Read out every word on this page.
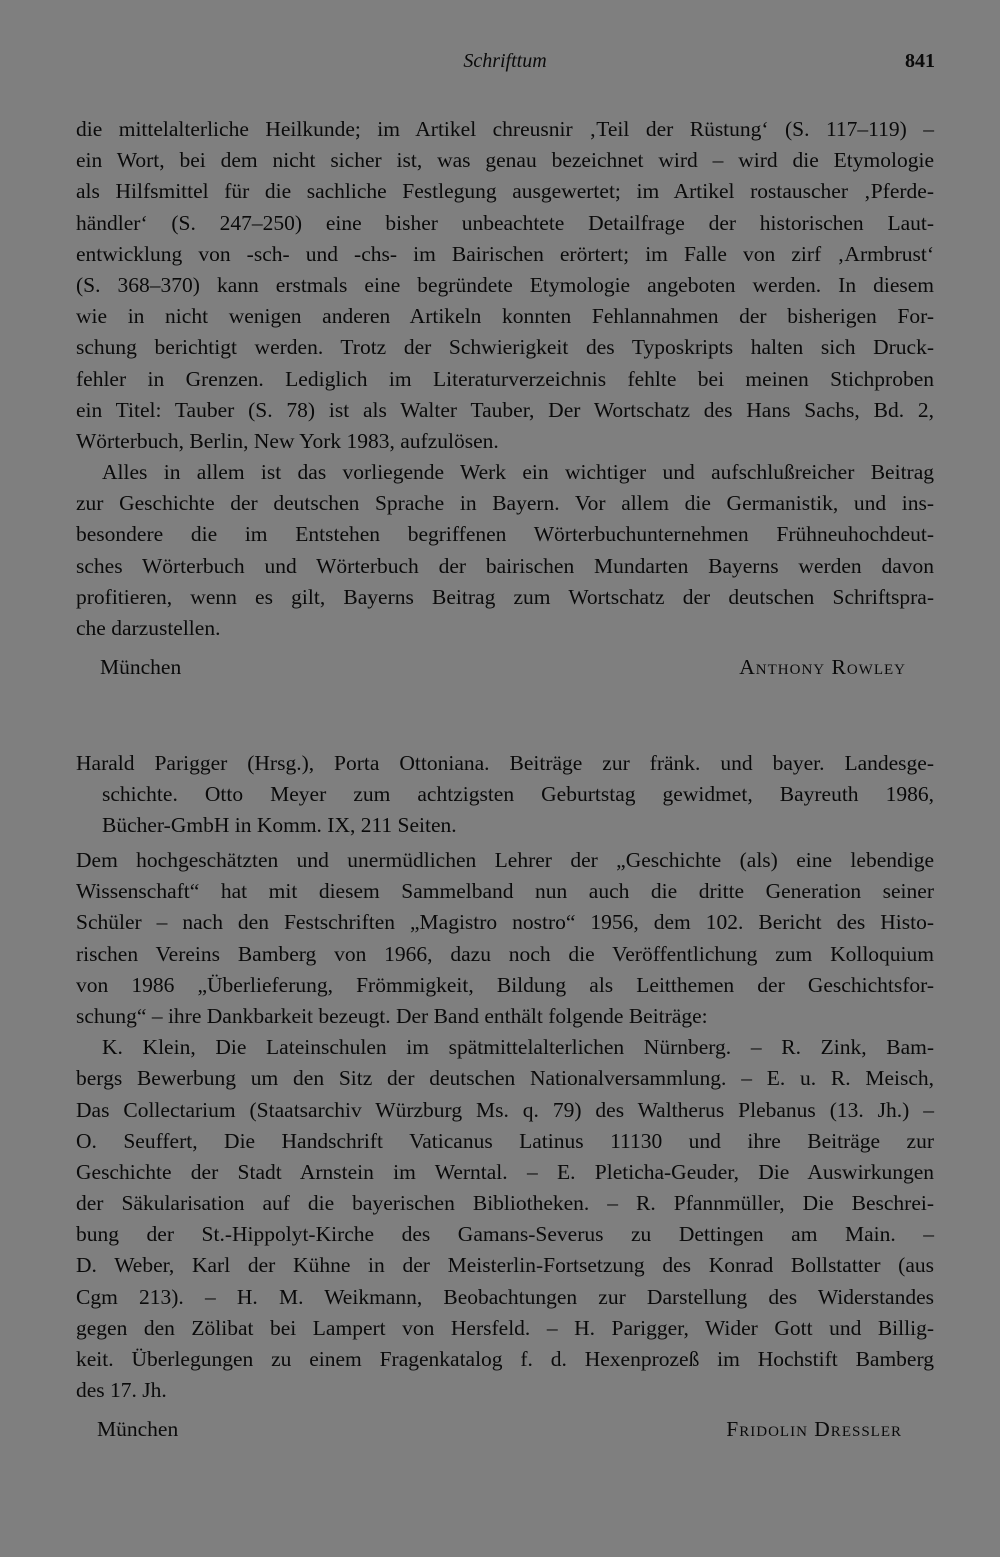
Schrifttum	841
die mittelalterliche Heilkunde; im Artikel chreusnir ‚Teil der Rüstung‘ (S. 117–119) –
ein Wort, bei dem nicht sicher ist, was genau bezeichnet wird – wird die Etymologie
als Hilfsmittel für die sachliche Festlegung ausgewertet; im Artikel rostauscher ‚Pferde-
händler‘ (S. 247–250) eine bisher unbeachtete Detailfrage der historischen Laut-
entwicklung von -sch- und -chs- im Bairischen erörtert; im Falle von zirf ‚Armbrust‘
(S. 368–370) kann erstmals eine begründete Etymologie angeboten werden. In diesem
wie in nicht wenigen anderen Artikeln konnten Fehlannahmen der bisherigen For-
schung berichtigt werden. Trotz der Schwierigkeit des Typoskripts halten sich Druck-
fehler in Grenzen. Lediglich im Literaturverzeichnis fehlte bei meinen Stichproben
ein Titel: Tauber (S. 78) ist als Walter Tauber, Der Wortschatz des Hans Sachs, Bd. 2,
Wörterbuch, Berlin, New York 1983, aufzulösen.
Alles in allem ist das vorliegende Werk ein wichtiger und aufschlußreicher Beitrag
zur Geschichte der deutschen Sprache in Bayern. Vor allem die Germanistik, und ins-
besondere die im Entstehen begriffenen Wörterbuchunternehmen Frühneuhochdeut-
sches Wörterbuch und Wörterbuch der bairischen Mundarten Bayerns werden davon
profitieren, wenn es gilt, Bayerns Beitrag zum Wortschatz der deutschen Schriftspra-
che darzustellen.
München	Anthony Rowley
Harald Parigger (Hrsg.), Porta Ottoniana. Beiträge zur fränk. und bayer. Landesge-
schichte. Otto Meyer zum achtzigsten Geburtstag gewidmet, Bayreuth 1986,
Bücher-GmbH in Komm. IX, 211 Seiten.
Dem hochgeschätzten und unermüdlichen Lehrer der „Geschichte (als) eine lebendige
Wissenschaft“ hat mit diesem Sammelband nun auch die dritte Generation seiner
Schüler – nach den Festschriften „Magistro nostro“ 1956, dem 102. Bericht des Histo-
rischen Vereins Bamberg von 1966, dazu noch die Veröffentlichung zum Kolloquium
von 1986 „Überlieferung, Frömmigkeit, Bildung als Leitthemen der Geschichtsfor-
schung“ – ihre Dankbarkeit bezeugt. Der Band enthält folgende Beiträge:
K. Klein, Die Lateinschulen im spätmittelalterlichen Nürnberg. – R. Zink, Bam-
bergs Bewerbung um den Sitz der deutschen Nationalversammlung. – E. u. R. Meisch,
Das Collectarium (Staatsarchiv Würzburg Ms. q. 79) des Waltherus Plebanus (13. Jh.) –
O. Seuffert, Die Handschrift Vaticanus Latinus 11130 und ihre Beiträge zur
Geschichte der Stadt Arnstein im Werntal. – E. Pleticha-Geuder, Die Auswirkungen
der Säkularisation auf die bayerischen Bibliotheken. – R. Pfannmüller, Die Beschrei-
bung der St.-Hippolyt-Kirche des Gamans-Severus zu Dettingen am Main. –
D. Weber, Karl der Kühne in der Meisterlin-Fortsetzung des Konrad Bollstatter (aus
Cgm 213). – H. M. Weikmann, Beobachtungen zur Darstellung des Widerstandes
gegen den Zölibat bei Lampert von Hersfeld. – H. Parigger, Wider Gott und Billig-
keit. Überlegungen zu einem Fragenkatalog f. d. Hexenprozeß im Hochstift Bamberg
des 17. Jh.
München	Fridolin Dressler
